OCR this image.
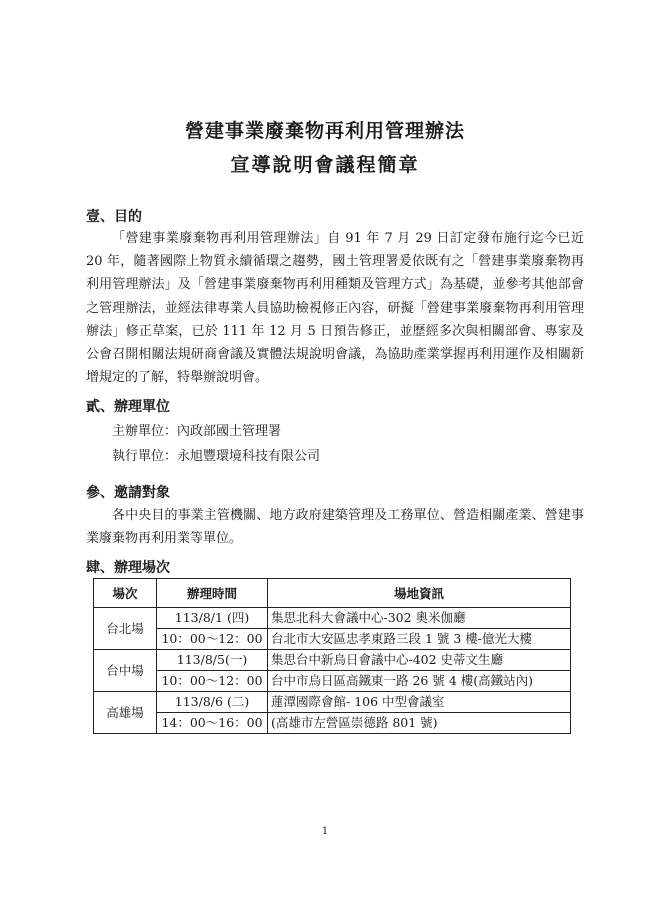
營建事業廢棄物再利用管理辦法
宣導說明會議程簡章
壹、目的
「營建事業廢棄物再利用管理辦法」自 91 年 7 月 29 日訂定發布施行迄今已近 20 年，隨著國際上物質永續循環之趨勢，國土管理署爰依既有之「營建事業廢棄物再利用管理辦法」及「營建事業廢棄物再利用種類及管理方式」為基礎，並參考其他部會之管理辦法，並經法律專業人員協助檢視修正內容，研擬「營建事業廢棄物再利用管理辦法」修正草案，已於 111 年 12 月 5 日預告修正，並歷經多次與相關部會、專家及公會召開相關法規研商會議及實體法規說明會議，為協助產業掌握再利用運作及相關新增規定的了解，特舉辦說明會。
貳、辦理單位
主辦單位：內政部國土管理署
執行單位：永旭豐環境科技有限公司
參、邀請對象
各中央目的事業主管機關、地方政府建築管理及工務單位、營造相關產業、營建事業廢棄物再利用業等單位。
肆、辦理場次
場次	辦理時間	場地資訊
台北場	113/8/1 (四)	集思北科大會議中心-302 奧米伽廳
	10：00～12：00	台北市大安區忠孝東路三段 1 號 3 樓-億光大樓
台中場	113/8/5(一)	集思台中新烏日會議中心-402 史蒂文生廳
	10：00～12：00	台中市烏日區高鐵東一路 26 號 4 樓(高鐵站內)
高雄場	113/8/6 (二)	蓮潭國際會館- 106 中型會議室
	14：00～16：00	(高雄市左營區崇德路 801 號)
1
